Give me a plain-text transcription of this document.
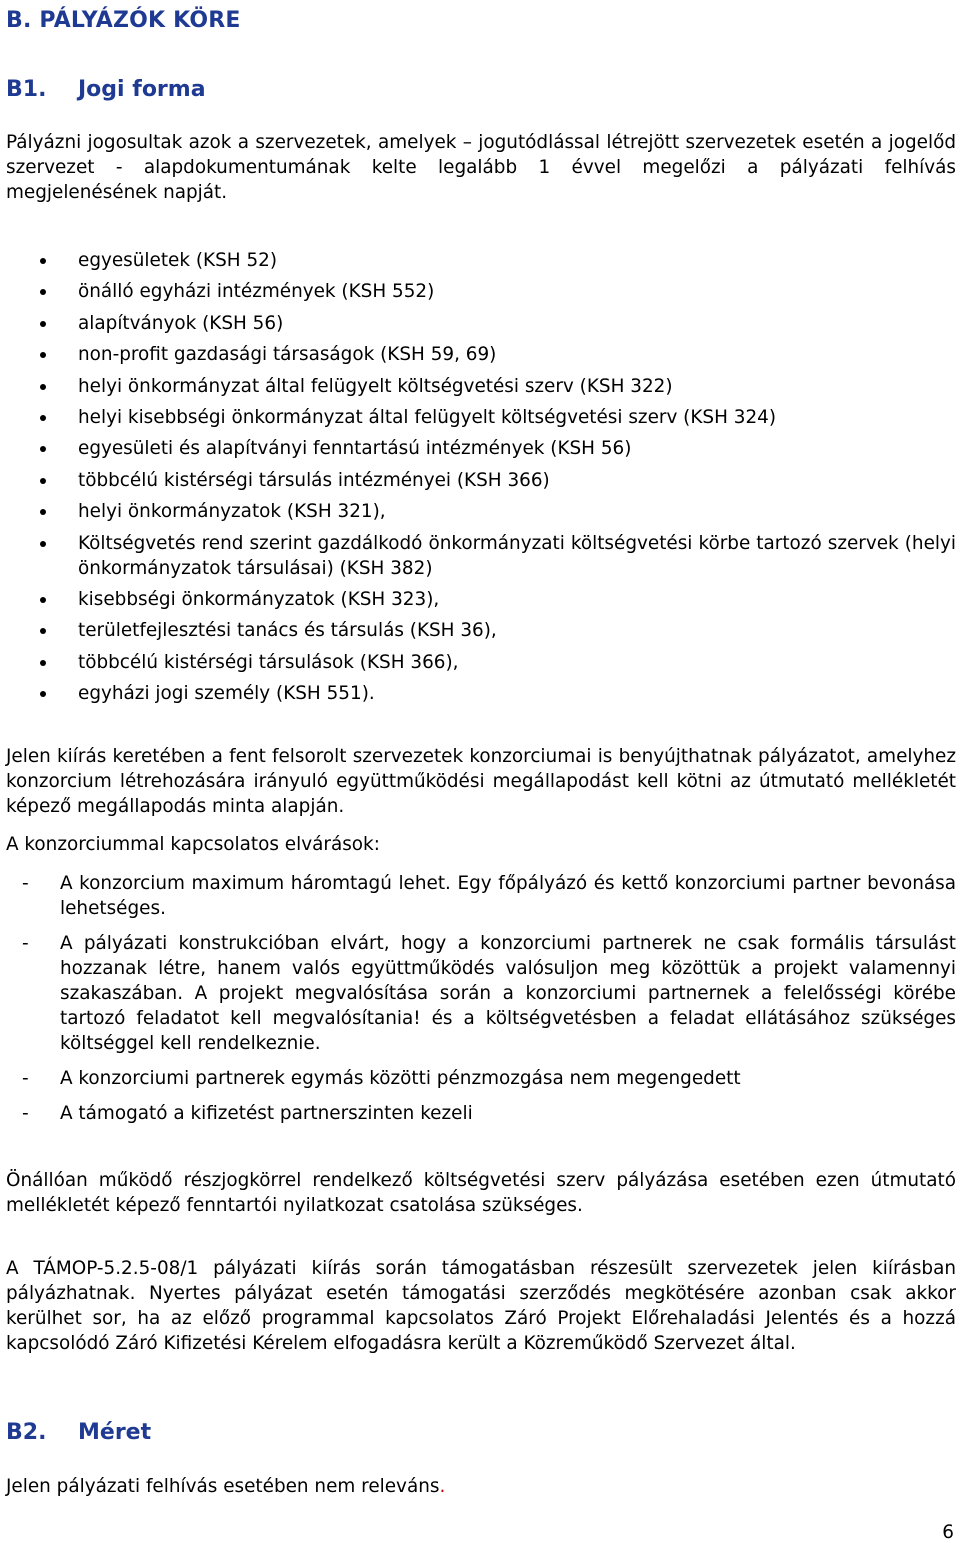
B. PÁLYÁZÓK KÖRE
B1. Jogi forma
Pályázni jogosultak azok a szervezetek, amelyek – jogutódlással létrejött szervezetek esetén a jogelőd szervezet - alapdokumentumának kelte legalább 1 évvel megelőzi a pályázati felhívás megjelenésének napját.
egyesületek (KSH 52)
önálló egyházi intézmények (KSH 552)
alapítványok (KSH 56)
non-profit gazdasági társaságok (KSH 59, 69)
helyi önkormányzat által felügyelt költségvetési szerv (KSH 322)
helyi kisebbségi önkormányzat által felügyelt költségvetési szerv (KSH 324)
egyesületi és alapítványi fenntartású intézmények (KSH 56)
többcélú kistérségi társulás intézményei (KSH 366)
helyi önkormányzatok (KSH 321),
Költségvetés rend szerint gazdálkodó önkormányzati költségvetési körbe tartozó szervek (helyi önkormányzatok társulásai) (KSH 382)
kisebbségi önkormányzatok (KSH 323),
területfejlesztési tanács és társulás (KSH 36),
többcélú kistérségi társulások (KSH 366),
egyházi jogi személy (KSH 551).
Jelen kiírás keretében a fent felsorolt szervezetek konzorciumai is benyújthatnak pályázatot, amelyhez konzorcium létrehozására irányuló együttműködési megállapodást kell kötni az útmutató mellékletét képező megállapodás minta alapján.
A konzorciummal kapcsolatos elvárások:
- A konzorcium maximum háromtagú lehet. Egy főpályázó és kettő konzorciumi partner bevonása lehetséges.
- A pályázati konstrukcióban elvárt, hogy a konzorciumi partnerek ne csak formális társulást hozzanak létre, hanem valós együttműködés valósuljon meg közöttük a projekt valamennyi szakaszában. A projekt megvalósítása során a konzorciumi partnernek a felelősségi körébe tartozó feladatot kell megvalósítania! és a költségvetésben a feladat ellátásához szükséges költséggel kell rendelkeznie.
- A konzorciumi partnerek egymás közötti pénzmozgása nem megengedett
- A támogató a kifizetést partnerszinten kezeli
Önállóan működő részjogkörrel rendelkező költségvetési szerv pályázása esetében ezen útmutató mellékletét képező fenntartói nyilatkozat csatolása szükséges.
A TÁMOP-5.2.5-08/1 pályázati kiírás során támogatásban részesült szervezetek jelen kiírásban pályázhatnak. Nyertes pályázat esetén támogatási szerződés megkötésére azonban csak akkor kerülhet sor, ha az előző programmal kapcsolatos Záró Projekt Előrehaladási Jelentés és a hozzá kapcsolódó Záró Kifizetési Kérelem elfogadásra került a Közreműködő Szervezet által.
B2. Méret
Jelen pályázati felhívás esetében nem releváns.
6
